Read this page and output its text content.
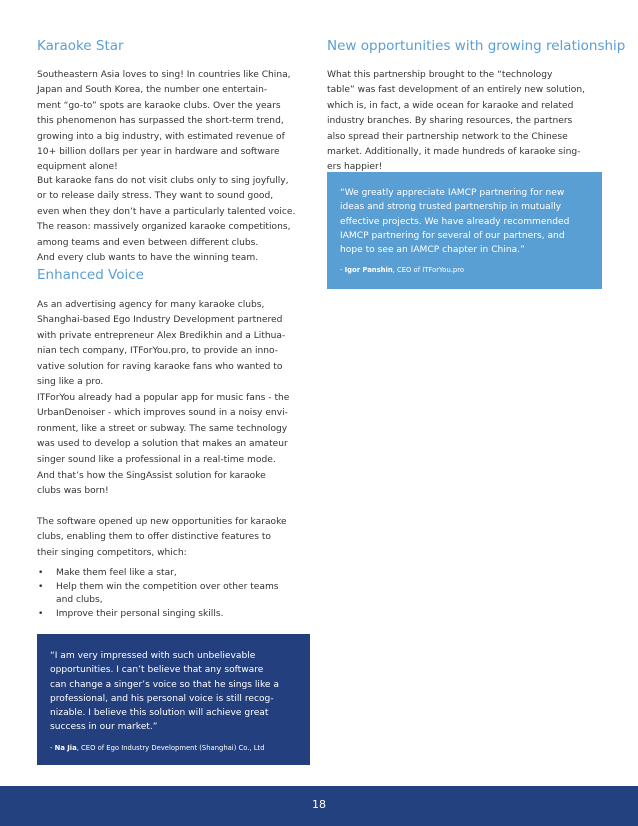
Karaoke Star
Southeastern Asia loves to sing! In countries like China,
Japan and South Korea, the number one entertain-
ment “go-to” spots are karaoke clubs. Over the years
this phenomenon has surpassed the short-term trend,
growing into a big industry, with estimated revenue of
10+ billion dollars per year in hardware and software
equipment alone!
But karaoke fans do not visit clubs only to sing joyfully,
or to release daily stress. They want to sound good,
even when they don’t have a particularly talented voice.
The reason: massively organized karaoke competitions,
among teams and even between different clubs.
And every club wants to have the winning team.
Enhanced Voice
As an advertising agency for many karaoke clubs,
Shanghai-based Ego Industry Development partnered
with private entrepreneur Alex Bredikhin and a Lithua-
nian tech company, ITForYou.pro, to provide an inno-
vative solution for raving karaoke fans who wanted to
sing like a pro.
ITForYou already had a popular app for music fans - the
UrbanDenoiser - which improves sound in a noisy envi-
ronment, like a street or subway. The same technology
was used to develop a solution that makes an amateur
singer sound like a professional in a real-time mode.
And that’s how the SingAssist solution for karaoke
clubs was born!
The software opened up new opportunities for karaoke
clubs, enabling them to offer distinctive features to
their singing competitors, which:
• Make them feel like a star,
• Help them win the competition over other teams
and clubs,
• Improve their personal singing skills.
“I am very impressed with such unbelievable
opportunities. I can’t believe that any software
can change a singer’s voice so that he sings like a
professional, and his personal voice is still recog-
nizable. I believe this solution will achieve great
success in our market.”
- Na Jia, CEO of Ego Industry Development (Shanghai) Co., Ltd
New opportunities with growing relationship
What this partnership brought to the “technology
table” was fast development of an entirely new solution,
which is, in fact, a wide ocean for karaoke and related
industry branches. By sharing resources, the partners
also spread their partnership network to the Chinese
market. Additionally, it made hundreds of karaoke sing-
ers happier!
“We greatly appreciate IAMCP partnering for new
ideas and strong trusted partnership in mutually
effective projects. We have already recommended
IAMCP partnering for several of our partners, and
hope to see an IAMCP chapter in China.”
- Igor Panshin, CEO of ITForYou.pro
18
